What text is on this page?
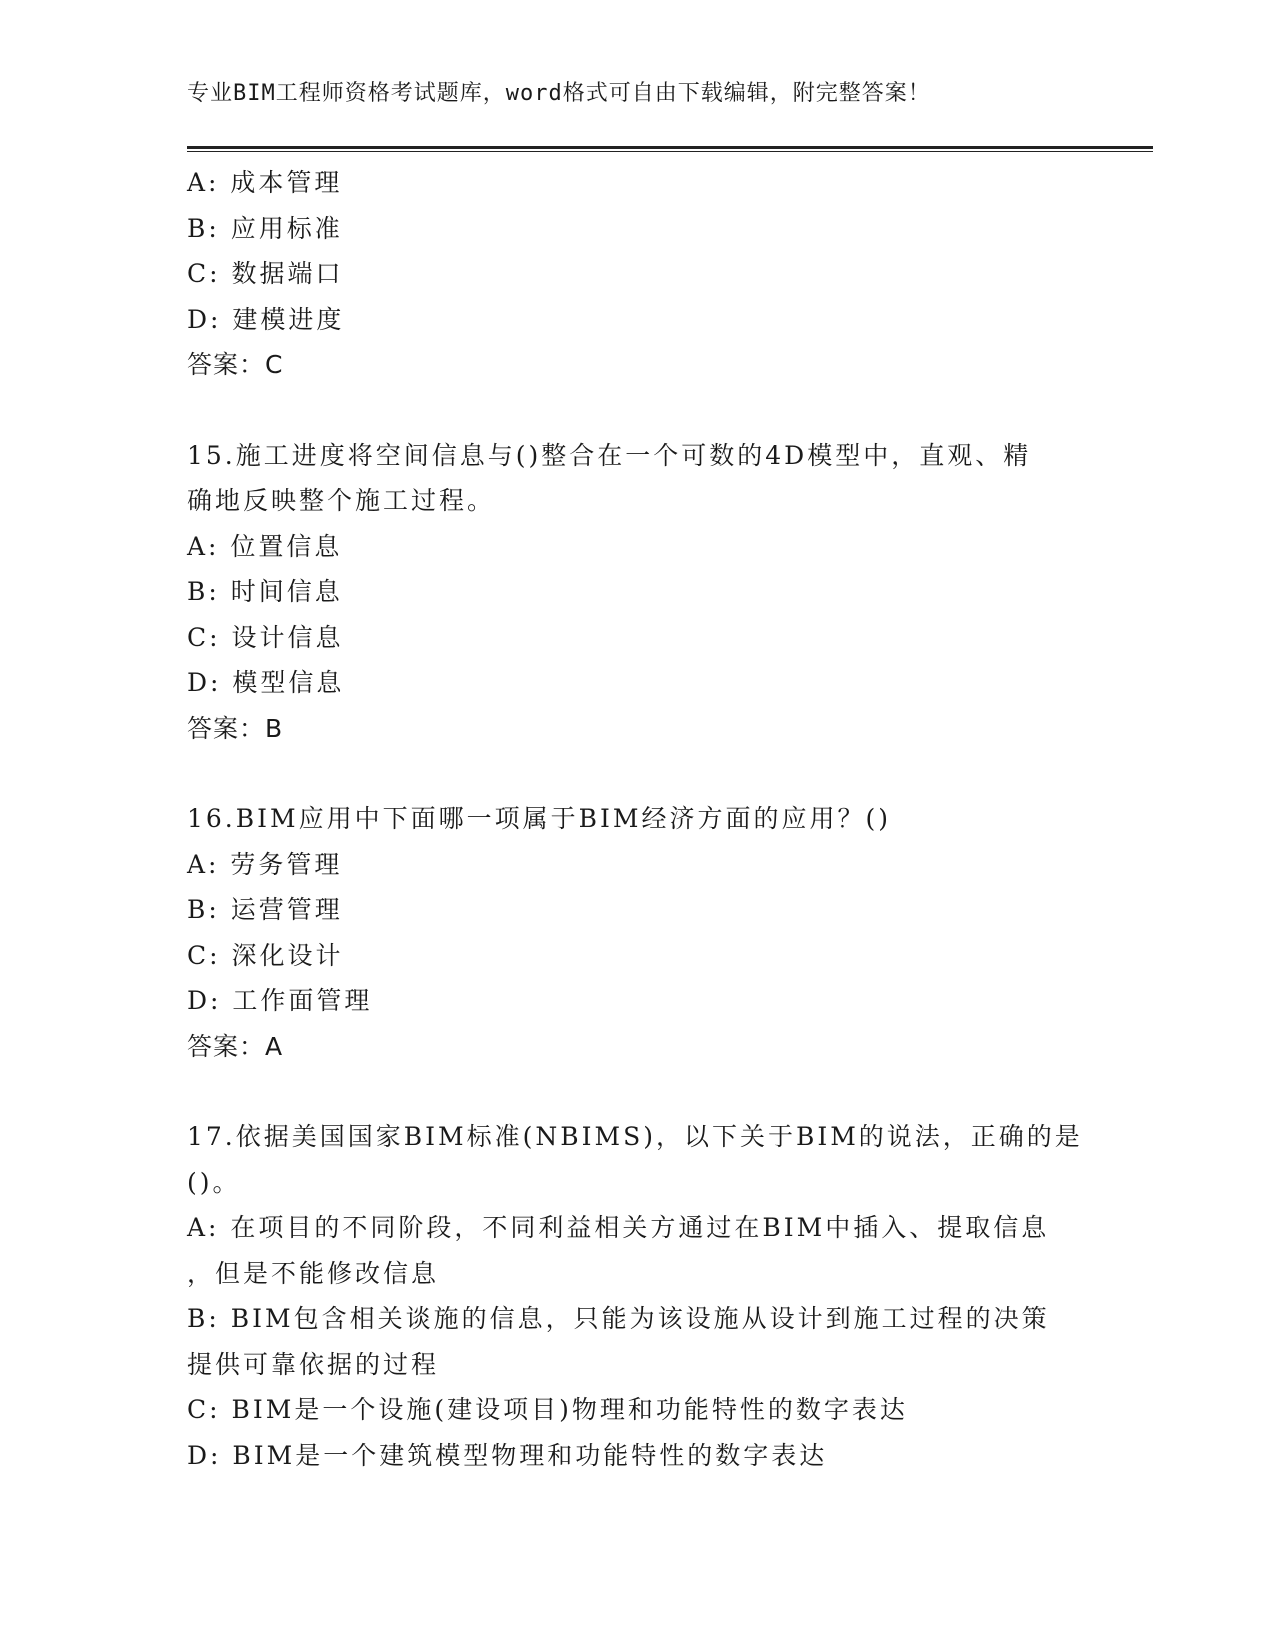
专业BIM工程师资格考试题库，word格式可自由下载编辑，附完整答案！
A: 成本管理
B: 应用标准
C: 数据端口
D: 建模进度
答案：C
15.施工进度将空间信息与()整合在一个可数的4D模型中，直观、精
确地反映整个施工过程。
A: 位置信息
B: 时间信息
C: 设计信息
D: 模型信息
答案：B
16.BIM应用中下面哪一项属于BIM经济方面的应用？()
A: 劳务管理
B: 运营管理
C: 深化设计
D: 工作面管理
答案：A
17.依据美国国家BIM标准(NBIMS)，以下关于BIM的说法，正确的是
()。
A: 在项目的不同阶段，不同利益相关方通过在BIM中插入、提取信息
，但是不能修改信息
B: BIM包含相关谈施的信息，只能为该设施从设计到施工过程的决策
提供可靠依据的过程
C: BIM是一个设施(建设项目)物理和功能特性的数字表达
D: BIM是一个建筑模型物理和功能特性的数字表达
